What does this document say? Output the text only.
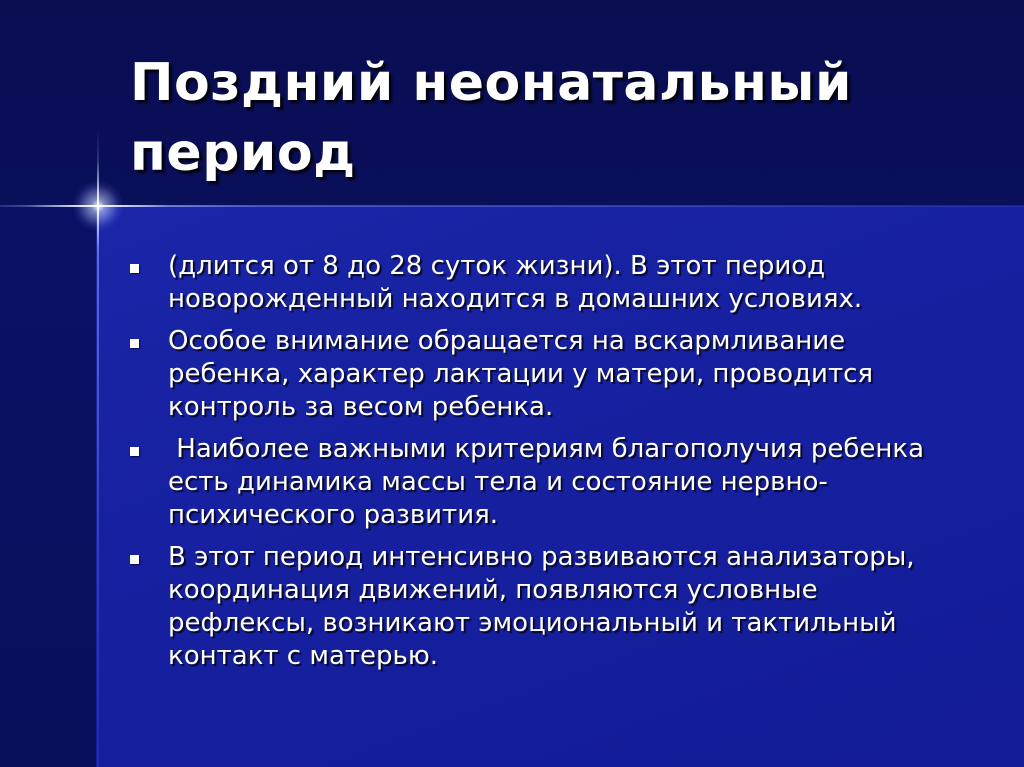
Поздний неонатальный период
(длится от 8 до 28 суток жизни). В этот период новорожденный находится в домашних условиях.
Особое внимание обращается на вскармливание ребенка, характер лактации у матери, проводится контроль за весом ребенка.
Наиболее важными критериям благополучия ребенка есть динамика массы тела и состояние нервно-психического развития.
В этот период интенсивно развиваются анализаторы, координация движений, появляются условные рефлексы, возникают эмоциональный и тактильный контакт с матерью.
